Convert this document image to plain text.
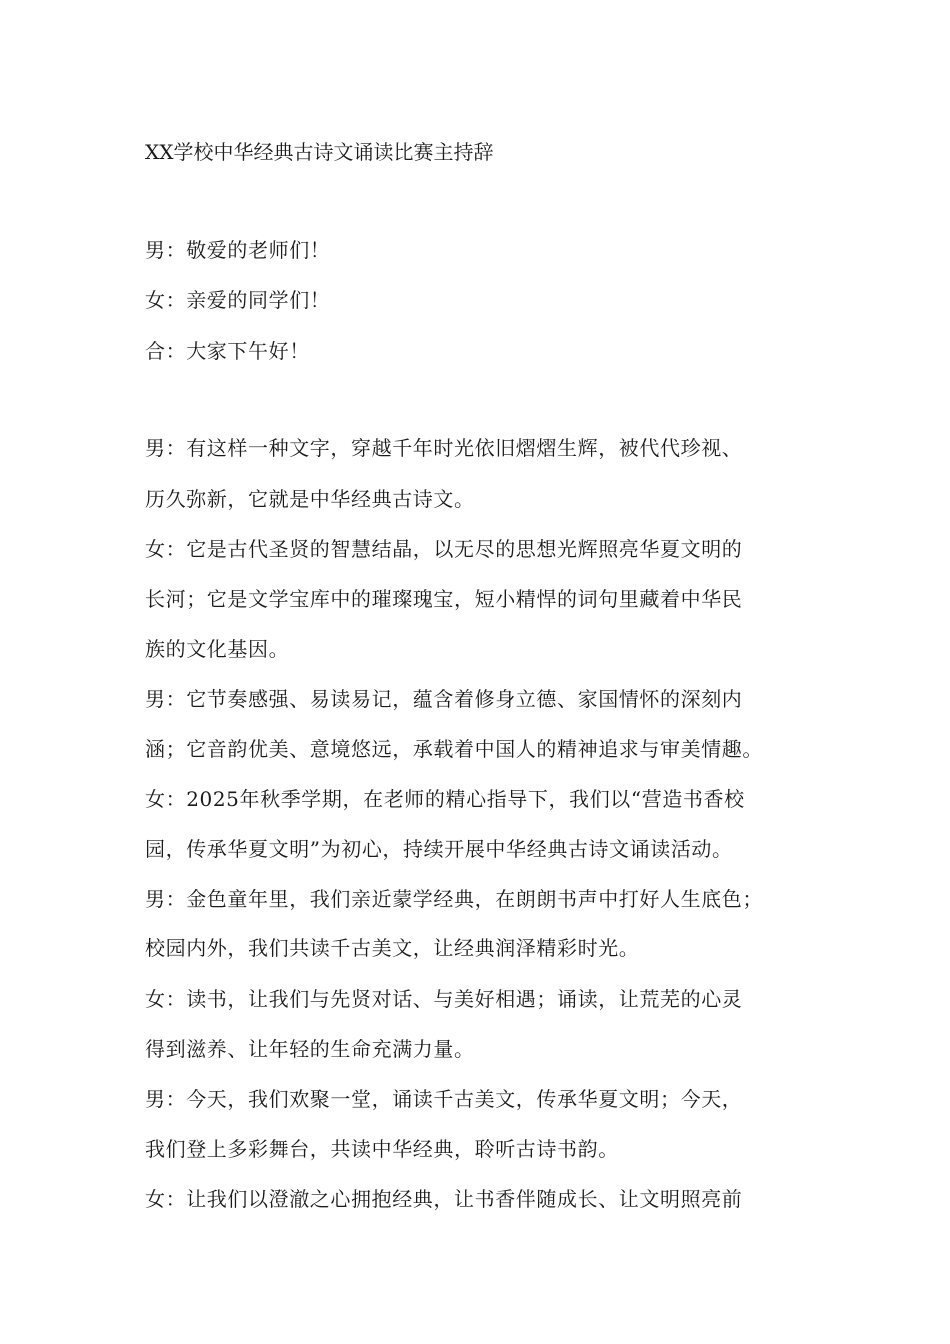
XX学校中华经典古诗文诵读比赛主持辞
男：敬爱的老师们！
女：亲爱的同学们！
合：大家下午好！
男：有这样一种文字，穿越千年时光依旧熠熠生辉，被代代珍视、
历久弥新，它就是中华经典古诗文。
女：它是古代圣贤的智慧结晶，以无尽的思想光辉照亮华夏文明的
长河；它是文学宝库中的璀璨瑰宝，短小精悍的词句里藏着中华民
族的文化基因。
男：它节奏感强、易读易记，蕴含着修身立德、家国情怀的深刻内
涵；它音韵优美、意境悠远，承载着中国人的精神追求与审美情趣。
女：2025年秋季学期，在老师的精心指导下，我们以“营造书香校
园，传承华夏文明”为初心，持续开展中华经典古诗文诵读活动。
男：金色童年里，我们亲近蒙学经典，在朗朗书声中打好人生底色；
校园内外，我们共读千古美文，让经典润泽精彩时光。
女：读书，让我们与先贤对话、与美好相遇；诵读，让荒芜的心灵
得到滋养、让年轻的生命充满力量。
男：今天，我们欢聚一堂，诵读千古美文，传承华夏文明；今天，
我们登上多彩舞台，共读中华经典，聆听古诗书韵。
女：让我们以澄澈之心拥抱经典，让书香伴随成长、让文明照亮前
